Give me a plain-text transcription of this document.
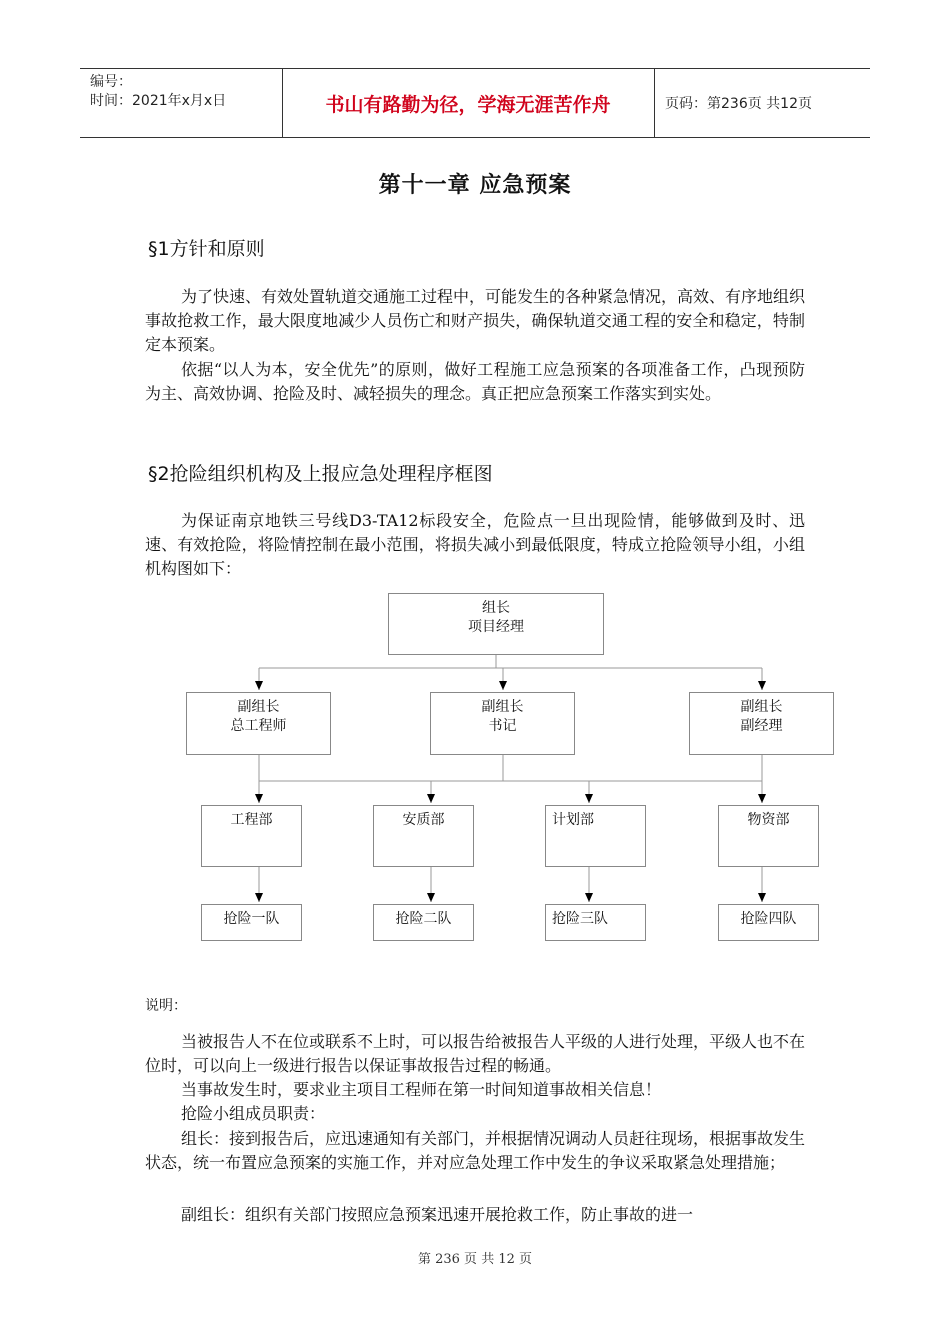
编号：
时间：2021年x月x日	书山有路勤为径，学海无涯苦作舟	页码：第236页 共12页
第十一章 应急预案
§1方针和原则

为了快速、有效处置轨道交通施工过程中，可能发生的各种紧急情况，高效、有序地组织事故抢救工作，最大限度地减少人员伤亡和财产损失，确保轨道交通工程的安全和稳定，特制定本预案。

依据“以人为本，安全优先”的原则，做好工程施工应急预案的各项准备工作，凸现预防为主、高效协调、抢险及时、减轻损失的理念。真正把应急预案工作落实到实处。

§2抢险组织机构及上报应急处理程序框图

为保证南京地铁三号线D3-TA12标段安全，危险点一旦出现险情，能够做到及时、迅速、有效抢险，将险情控制在最小范围，将损失减小到最低限度，特成立抢险领导小组，小组机构图如下：

组长
项目经理
副组长
总工程师
副组长
书记
副组长
副经理
工程部	安质部	计划部	物资部
抢险一队	抢险二队	抢险三队	抢险四队
说明：

当被报告人不在位或联系不上时，可以报告给被报告人平级的人进行处理，平级人也不在位时，可以向上一级进行报告以保证事故报告过程的畅通。

当事故发生时，要求业主项目工程师在第一时间知道事故相关信息！

抢险小组成员职责：

组长：接到报告后，应迅速通知有关部门，并根据情况调动人员赶往现场，根据事故发生状态，统一布置应急预案的实施工作，并对应急处理工作中发生的争议采取紧急处理措施；

副组长：组织有关部门按照应急预案迅速开展抢救工作，防止事故的进一

第 236 页 共 12 页
